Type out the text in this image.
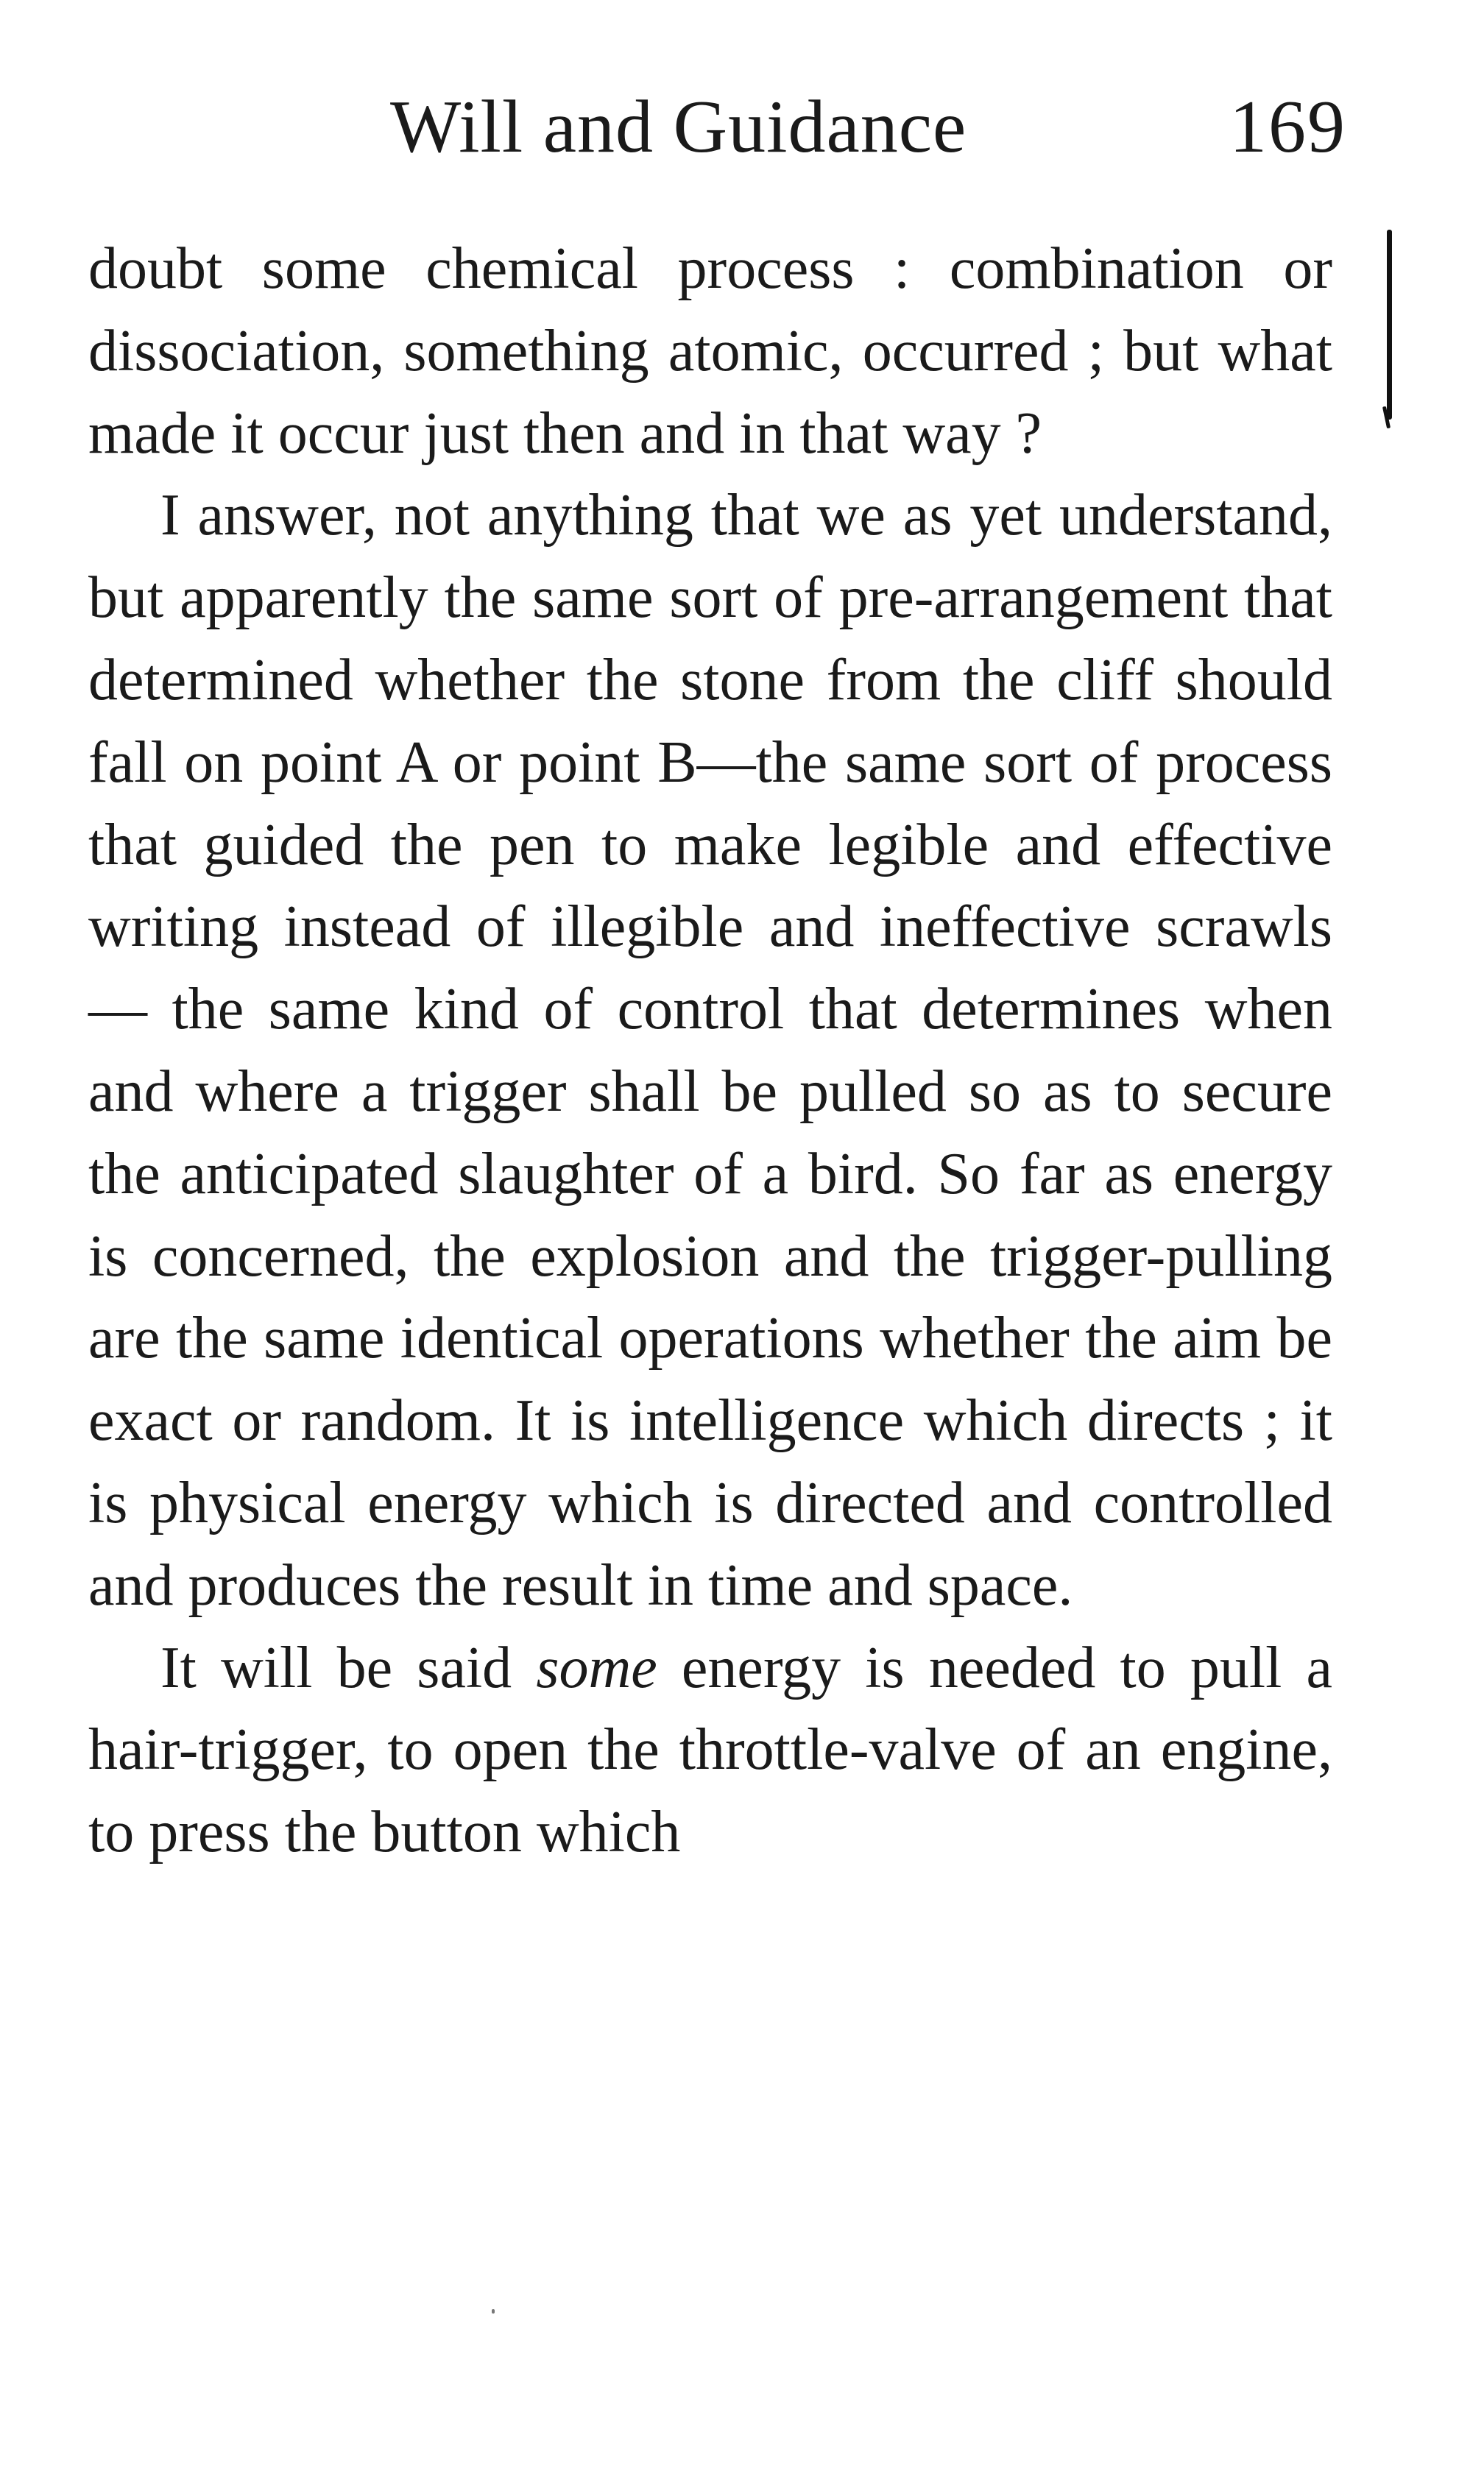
Will and Guidance	169

doubt some chemical process : combination or dissociation, something atomic, occurred ; but what made it occur just then and in that way ?

I answer, not anything that we as yet understand, but apparently the same sort of pre-arrangement that determined whether the stone from the cliff should fall on point A or point B—the same sort of process that guided the pen to make legible and effective writing instead of illegible and ineffective scrawls — the same kind of control that determines when and where a trigger shall be pulled so as to secure the anticipated slaughter of a bird. So far as energy is concerned, the explosion and the trigger-pulling are the same identical operations whether the aim be exact or random. It is intelligence which directs ; it is physical energy which is directed and controlled and produces the result in time and space.

It will be said some energy is needed to pull a hair-trigger, to open the throttle-valve of an engine, to press the button which
